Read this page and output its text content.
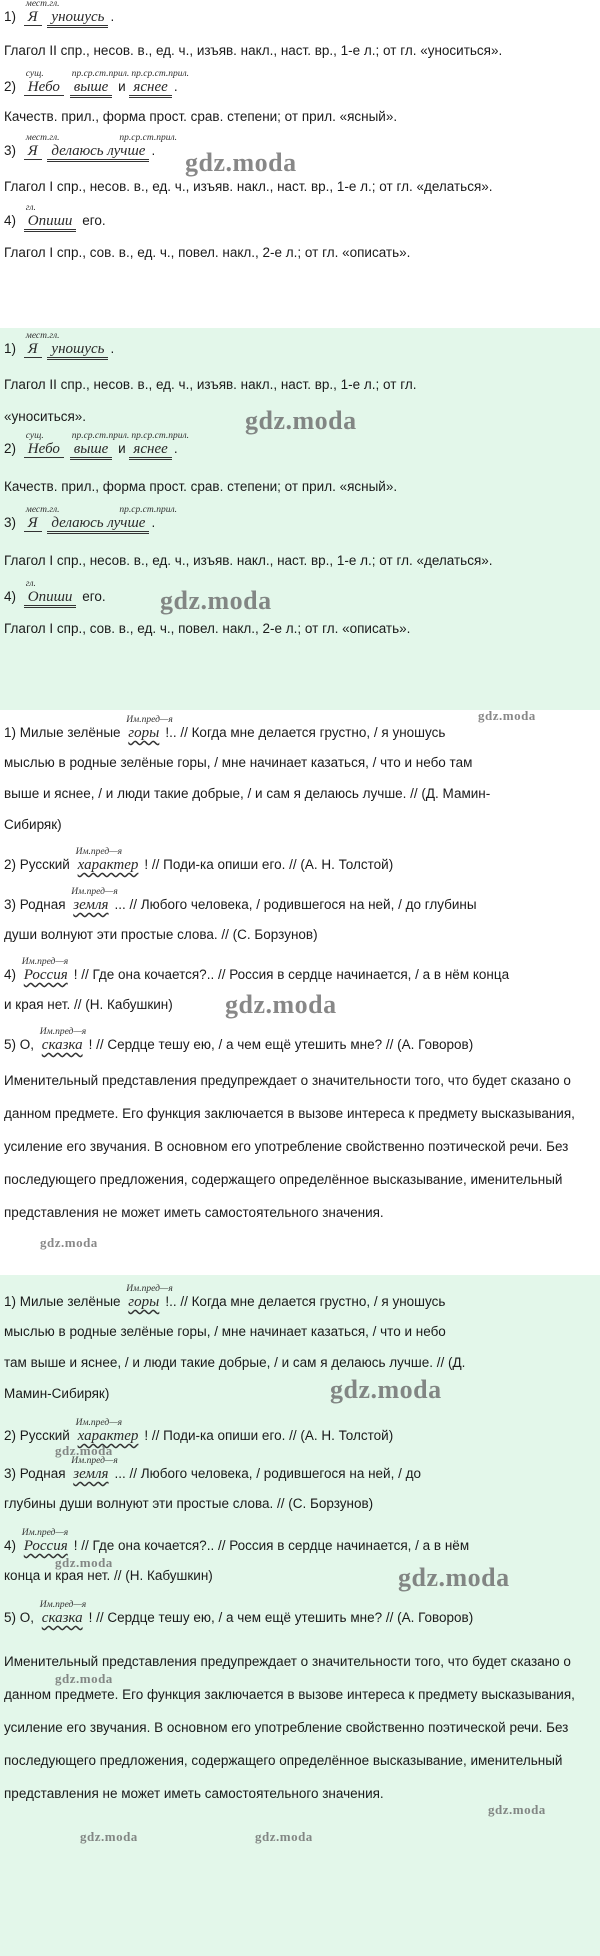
1)
мест.
Я
гл.
уношусь .
Глагол II спр., несов. в., ед. ч., изъяв. накл., наст. вр., 1-е л.; от гл. «уноситься».
2)
сущ.
Небо
пр.ср.ст.прил.
выше и
пр.ср.ст.прил.
яснее .
Качеств. прил., форма прост. срав. степени; от прил. «ясный».
3)
мест.
Я
гл.	пр.ср.ст.прил.
делаюсь лучше .	gdz.moda
Глагол I спр., несов. в., ед. ч., изъяв. накл., наст. вр., 1-е л.; от гл. «делаться».
4)
гл.
Опиши его.
Глагол I спр., сов. в., ед. ч., повел. накл., 2-е л.; от гл. «описать».
1)
мест.
Я
гл.
уношусь .
Глагол II спр., несов. в., ед. ч., изъяв. накл., наст. вр., 1-е л.; от гл.
«уноситься».	gdz.moda
2)
сущ.
Небо
пр.ср.ст.прил.
выше и
пр.ср.ст.прил.
яснее .
Качеств. прил., форма прост. срав. степени; от прил. «ясный».
3)
мест.
Я
гл.	пр.ср.ст.прил.
делаюсь лучше .
Глагол I спр., несов. в., ед. ч., изъяв. накл., наст. вр., 1-е л.; от гл. «делаться».
4)
гл.
Опиши его.	gdz.moda
Глагол I спр., сов. в., ед. ч., повел. накл., 2-е л.; от гл. «описать».
gdz.moda
1) Милые зелёные
Им.пред—я
горы !.. // Когда мне делается грустно, / я уношусь
мыслью в родные зелёные горы, / мне начинает казаться, / что и небо там
выше и яснее, / и люди такие добрые, / и сам я делаюсь лучше. // (Д. Мамин-
Сибиряк)
2) Русский
Им.пред—я
характер ! // Поди-ка опиши его. // (А. Н. Толстой)
3) Родная
Им.пред—я
земля ... // Любого человека, / родившегося на ней, / до глубины
души волнуют эти простые слова. // (С. Борзунов)
4)
Им.пред—я
Россия ! // Где она кочается?.. // Россия в сердце начинается, / а в нём конца
и края нет. // (Н. Кабушкин)	gdz.moda
5) О,
Им.пред—я
сказка ! // Сердце тешу ею, / а чем ещё утешить мне? // (А. Говоров)
Именительный представления предупреждает о значительности того, что будет сказано о данном предмете. Его функция заключается в вызове интереса к предмету высказывания, усиление его звучания. В основном его употребление свойственно поэтической речи. Без последующего предложения, содержащего определённое высказывание, именительный представления не может иметь самостоятельного значения.
gdz.moda
1) Милые зелёные
Им.пред—я
горы !.. // Когда мне делается грустно, / я уношусь
мыслью в родные зелёные горы, / мне начинает казаться, / что и небо
там выше и яснее, / и люди такие добрые, / и сам я делаюсь лучше. // (Д.
Мамин-Сибиряк)	gdz.moda
2) Русский
Им.пред—я
характер ! // Поди-ка опиши его. // (А. Н. Толстой)
gdz.moda
3) Родная
Им.пред—я
земля ... // Любого человека, / родившегося на ней, / до
глубины души волнуют эти простые слова. // (С. Борзунов)
4)
Им.пред—я
Россия ! // Где она кочается?.. // Россия в сердце начинается, / а в нём
gdz.moda
конца и края нет. // (Н. Кабушкин)	gdz.moda
5) О,
Им.пред—я
сказка ! // Сердце тешу ею, / а чем ещё утешить мне? // (А. Говоров)
Именительный представления предупреждает о значительности того, что будет сказано о данном предмете. Его функция заключается в вызове интереса к предмету высказывания, усиление его звучания. В основном его употребление свойственно поэтической речи. Без последующего предложения, содержащего определённое высказывание, именительный представления не может иметь самостоятельного значения.
gdz.moda
gdz.moda
gdz.moda	gdz.moda
